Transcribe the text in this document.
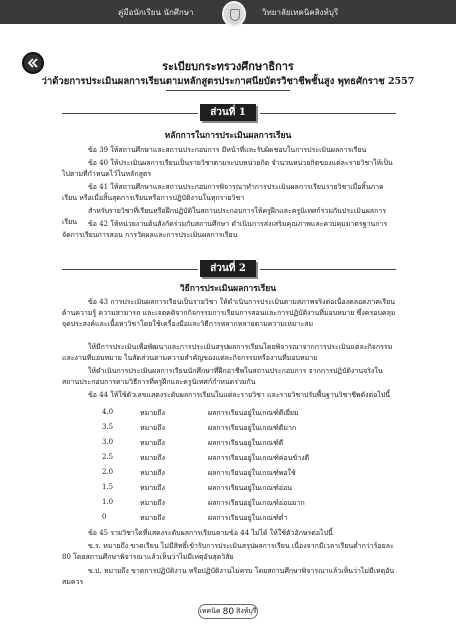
คู่มือนักเรียน นักศึกษา	วิทยาลัยเทคนิคสิงห์บุรี
ระเบียบกระทรวงศึกษาธิการ
ว่าด้วยการประเมินผลการเรียนตามหลักสูตรประกาศนียบัตรวิชาชีพชั้นสูง พุทธศักราช 2557
ส่วนที่ 1
หลักการในการประเมินผลการเรียน
ข้อ 39 ให้สถานศึกษาและสถานประกอบการ มีหน้าที่และรับผิดชอบในการประเมินผลการเรียน
ข้อ 40 ให้ประเมินผลการเรียนเป็นรายวิชาตามระบบหน่วยกิต จำนวนหน่วยกิตของแต่ละรายวิชาให้เป็นไปตามที่กำหนดไว้ในหลักสูตร
ข้อ 41 ให้สถานศึกษาและสถานประกอบการพิจารณาทำการประเมินผลการเรียนรายวิชาเมื่อสิ้นภาคเรียน หรือเมื่อสิ้นสุดการเรียนหรือการปฏิบัติงานในทุกรายวิชา
สำหรับรายวิชาที่เรียนหรือฝึกปฏิบัติในสถานประกอบการให้ครูฝึกและครูนิเทศก์ร่วมกันประเมินผลการเรียน	ข้อ 42 ให้หน่วยงานต้นสังกัดร่วมกับสถานศึกษา ดำเนินการส่งเสริมคุณภาพและควบคุมมาตรฐานการจัดการเรียนการสอน การวัดผลและการประเมินผลการเรียน
ส่วนที่ 2
วิธีการประเมินผลการเรียน
ข้อ 43 การประเมินผลการเรียนเป็นรายวิชา ให้ดำเนินการประเมินตามสภาพจริงต่อเนื่องตลอดภาคเรียน ด้านความรู้ ความสามารถ และเจตคติจากกิจกรรมการเรียนการสอนและการปฏิบัติงานที่มอบหมาย ซึ่งครอบคลุมจุดประสงค์และเนื้อหาวิชาโดยใช้เครื่องมือและวิธีการหลากหลายตามความเหมาะสม
ให้มีการประเมินเพื่อพัฒนาและการประเมินสรุปผลการเรียนโดยพิจารณาจากการประเมินแต่ละกิจกรรมและงานที่มอบหมาย ในสัดส่วนตามความสำคัญของแต่ละกิจกรรมหรืองานที่มอบหมาย
ให้ดำเนินการประเมินผลการเรียนนักศึกษาที่ฝึกอาชีพในสถานประกอบการ จากการปฏิบัติงานจริงในสถานประกอบการตามวิธีการที่ครูฝึกและครูนิเทศก์กำหนดร่วมกัน
ข้อ 44 ให้ใช้ตัวเลขแสดงระดับผลการเรียนในแต่ละรายวิชา และรายวิชาปรับพื้นฐานวิชาชีพดังต่อไปนี้
4.0	หมายถึง	ผลการเรียนอยู่ในเกณฑ์ดีเยี่ยม
3.5	หมายถึง	ผลการเรียนอยู่ในเกณฑ์ดีมาก
3.0	หมายถึง	ผลการเรียนอยู่ในเกณฑ์ดี
2.5	หมายถึง	ผลการเรียนอยู่ในเกณฑ์ค่อนข้างดี
2.0	หมายถึง	ผลการเรียนอยู่ในเกณฑ์พอใช้
1.5	หมายถึง	ผลการเรียนอยู่ในเกณฑ์อ่อน
1.0	หมายถึง	ผลการเรียนอยู่ในเกณฑ์อ่อนมาก
0	หมายถึง	ผลการเรียนอยู่ในเกณฑ์ต่ำ
ข้อ 45 รายวิชาใดที่แสดงระดับผลการเรียนตามข้อ 44 ไม่ได้ ให้ใช้ตัวอักษรต่อไปนี้
ข.ร. หมายถึง ขาดเรียน ไม่มีสิทธิ์เข้ารับการประเมินสรุปผลการเรียน เนื่องจากมีเวลาเรียนต่ำกว่าร้อยละ 80 โดยสถานศึกษาพิจารณาแล้วเห็นว่าไม่มีเหตุอันสุดวิสัย
ข.ป. หมายถึง ขาดการปฏิบัติงาน หรือปฏิบัติงานไม่ครบ โดยสถานศึกษาพิจารณาแล้วเห็นว่าไม่มีเหตุอันสมควร
เทคนิค 80 สิงห์บุรี
